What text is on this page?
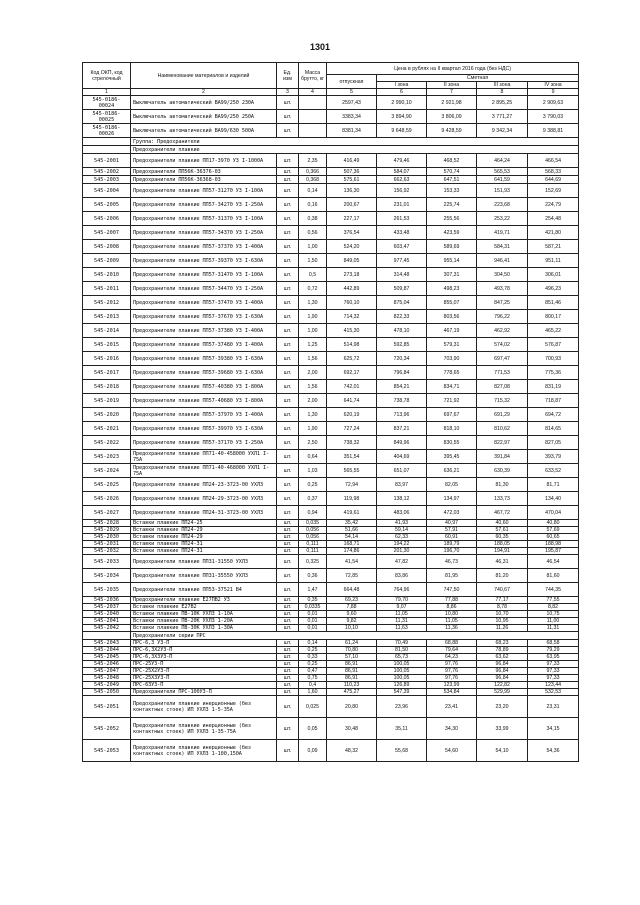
1301
Код ОКП, код стрелочный	Наименование материалов и изделий	Ед. изм	Масса брутто, кг	Цена в рублях на II квартал 2016 года (без НДС)				
				отпускная	Сметная			
					I зона	II зона	III зона	IV зона
1	2	3	4	5	6	7	8	9
545-0186-00024	Выключатель автоматический ВА99/250 230А	шт.		2597,43	2 990,10	2 921,98	2 895,25	2 909,63
545-0186-00025	Выключатель автоматический ВА99/250 250А	шт.		3383,34	3 894,90	3 806,09	3 771,27	3 790,03
545-0186-00026	Выключатель автоматический ВА99/630 500А	шт.		8381,34	9 648,59	9 428,59	9 342,34	9 388,81
	Группа: Предохранители							
	Предохранители плавкие							
545-2001	Предохранители плавкие ПП17-3970 У3 I-1000А	шт.	2,35	416,49	479,46	468,52	464,24	466,54
545-2002	Предохранители ПП56К-36376-03	шт.	0,366	507,36	584,07	570,74	565,53	568,33
545-2003	Предохранители ПП56К-36368-03	шт.	0,368	575,61	662,63	647,51	641,59	644,69
545-2004	Предохранители плавкие ПП57-31270 У3 I-100А	шт.	0,14	136,30	156,92	153,33	151,93	152,69
545-2005	Предохранители плавкие ПП57-34270 У3 I-250А	шт.	0,16	200,67	231,01	225,74	223,68	224,79
545-2006	Предохранители плавкие ПП57-31370 У3 I-100А	шт.	0,38	227,17	261,53	255,56	253,22	254,48
545-2007	Предохранители плавкие ПП57-34370 У3 I-250А	шт.	0,56	376,54	433,48	423,59	419,71	421,80
545-2008	Предохранители плавкие ПП57-37370 У3 I-400А	шт.	1,00	524,20	603,47	589,69	584,31	587,21
545-2009	Предохранители плавкие ПП57-39370 У3 I-630А	шт.	1,50	849,05	977,45	955,14	946,41	951,11
545-2010	Предохранители плавкие ПП57-31470 У3 I-100А	шт.	0,5	273,18	314,48	307,31	304,50	306,01
545-2011	Предохранители плавкие ПП57-34470 У3 I-250А	шт.	0,72	442,89	509,87	498,23	493,78	496,23
545-2012	Предохранители плавкие ПП57-37470 У3 I-400А	шт.	1,30	760,10	875,04	855,07	847,25	851,46
545-2013	Предохранители плавкие ПП57-37670 У3 I-630А	шт.	1,90	714,32	822,33	803,56	796,22	800,17
545-2014	Предохранители плавкие ПП57-37380 У3 I-400А	шт.	1,00	415,30	478,10	467,19	462,92	465,22
545-2015	Предохранители плавкие ПП57-37480 У3 I-400А	шт.	1,25	514,98	592,85	579,31	574,02	576,87
545-2016	Предохранители плавкие ПП57-39380 У3 I-630А	шт.	1,56	625,72	720,34	703,90	697,47	700,93
545-2017	Предохранители плавкие ПП57-39680 У3 I-630А	шт.	2,00	692,17	796,84	778,65	771,53	775,36
545-2018	Предохранители плавкие ПП57-40380 У3 I-800А	шт.	1,56	742,01	854,21	834,71	827,08	831,19
545-2019	Предохранители плавкие ПП57-40680 У3 I-800А	шт.	2,00	641,74	738,78	721,92	715,32	718,87
545-2020	Предохранители плавкие ПП57-37970 У3 I-400А	шт.	1,30	620,19	713,96	697,67	691,29	694,72
545-2021	Предохранители плавкие ПП57-39970 У3 I-630А	шт.	1,90	727,24	837,21	818,10	810,62	814,65
545-2022	Предохранители плавкие ПП57-37170 У3 I-250А	шт.	2,50	738,32	849,96	830,55	822,97	827,05
545-2023	Предохранители плавкие ПП71-40-458000 УХЛ1 I-75А	шт.	0,64	351,54	404,69	395,45	391,84	393,79
545-2024	Предохранители плавкие ПП71-40-468000 УХЛ1 I-75А	шт.	1,03	565,55	651,07	636,21	630,39	633,52
545-2025	Предохранители плавкие ПП24-23-3723-00 УХЛ3	шт.	0,25	72,94	83,97	82,05	81,30	81,71
545-2026	Предохранители плавкие ПП24-29-3723-00 УХЛ3	шт.	0,37	119,98	138,12	134,97	133,73	134,40
545-2027	Предохранители плавкие ПП24-31-3723-00 УХЛ3	шт.	0,94	419,61	483,06	472,03	467,72	470,04
545-2028	Вставки плавкие ПП24-25	шт.	0,035	35,42	41,93	40,97	40,60	40,80
545-2029	Вставки плавкие ПП24-29	шт.	0,056	51,66	59,14	57,91	57,61	57,69
545-2030	Вставки плавкие ПП24-29	шт.	0,056	54,14	62,33	60,91	60,35	60,65
545-2031	Вставки плавкие ПП24-31	шт.	0,111	168,71	194,22	189,79	188,05	188,98
545-2032	Вставки плавкие ПП24-31	шт.	0,111	174,86	201,30	196,70	194,91	195,87
545-2033	Предохранители плавкие ПП31-31550 УХЛ3	шт.	0,325	41,54	47,82	46,73	46,31	46,54
545-2034	Предохранители плавкие ПП31-35550 УХЛ3	шт.	0,36	72,85	83,86	81,95	81,20	81,60
545-2035	Предохранители плавкие ПП53-37521 В4	шт.	1,47	664,48	764,96	747,50	740,67	744,35
545-2036	Предохранители плавкие Е27ПВ2 У3	шт.	0,35	69,23	79,70	77,88	77,17	77,55
545-2037	Вставки плавкие Е27В2	шт.	0,0335	7,88	9,07	8,86	8,78	8,82
545-2040	Вставки плавкие ПВ-10К УХЛ3 1-10А	шт.	0,01	9,60	11,05	10,80	10,70	10,75
545-2041	Вставки плавкие ПВ-20К УХЛ3 1-20А	шт.	0,01	9,82	11,31	11,05	10,95	11,00
545-2042	Вставки плавкие ПВ-30К УХЛ3 1-30А	шт.	0,01	10,10	11,63	11,36	11,26	11,31
	Предохранители серии ПРС							
545-2043	ПРС-6,3 У3-П	шт.	0,14	61,24	70,49	68,88	68,23	68,58
545-2044	ПРС-6,3Х2У3-П	шт.	0,25	70,80	81,50	79,64	78,89	79,29
545-2045	ПРС-6,3Х3У3-П	шт.	0,33	57,10	65,73	64,23	63,62	63,95
545-2046	ПРС-25У3-П	шт.	0,25	86,91	100,05	97,76	96,84	97,33
545-2047	ПРС-25Х2У3-П	шт.	0,47	86,91	100,05	97,76	96,84	97,33
545-2048	ПРС-25Х3У3-П	шт.	0,75	86,91	100,05	97,76	96,84	97,33
545-2049	ПРС-63У3-П	шт.	0,4	110,23	126,89	123,99	122,82	123,44
545-2050	Предохранители ПРС-100У3-П	шт.	1,60	475,27	547,39	534,84	529,99	532,53
545-2051	Предохранители плавкие инерционные (без контактных стоек) ИП УХЛ3 1-5-35А	шт.	0,025	20,80	23,96	23,41	23,20	23,31
545-2052	Предохранители плавкие инерционные (без контактных стоек) ИП УХЛ3 1-35-75А	шт.	0,05	30,48	35,11	34,30	33,99	34,15
545-2053	Предохранители плавкие инерционные (без контактных стоек) ИП УХЛ3 1-100,150А	шт.	0,09	48,32	55,68	54,60	54,10	54,36
